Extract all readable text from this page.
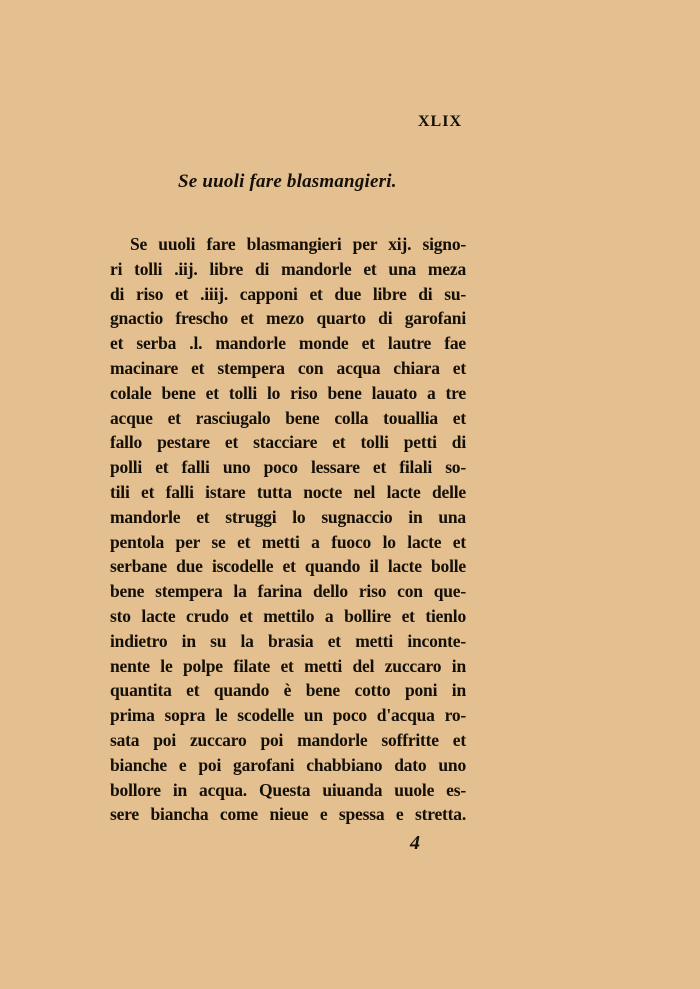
XLIX

Se uuoli fare blasmangieri.
Se uuoli fare blasmangieri per xij. signo-
ri tolli .iij. libre di mandorle et una meza
di riso et .iiij. capponi et due libre di su-
gnactio frescho et mezo quarto di garofani
et serba .l. mandorle monde et lautre fae
macinare et stempera con acqua chiara et
colale bene et tolli lo riso bene lauato a tre
acque et rasciugalo bene colla touallia et
fallo pestare et stacciare et tolli petti di
polli et falli uno poco lessare et filali so-
tili et falli istare tutta nocte nel lacte delle
mandorle et struggi lo sugnaccio in una
pentola per se et metti a fuoco lo lacte et
serbane due iscodelle et quando il lacte bolle
bene stempera la farina dello riso con que-
sto lacte crudo et mettilo a bollire et tienlo
indietro in su la brasia et metti inconte-
nente le polpe filate et metti del zuccaro in
quantita et quando è bene cotto poni in
prima sopra le scodelle un poco d'acqua ro-
sata poi zuccaro poi mandorle soffritte et
bianche e poi garofani chabbiano dato uno
bollore in acqua. Questa uiuanda uuole es-
sere biancha come nieue e spessa e stretta.

4
